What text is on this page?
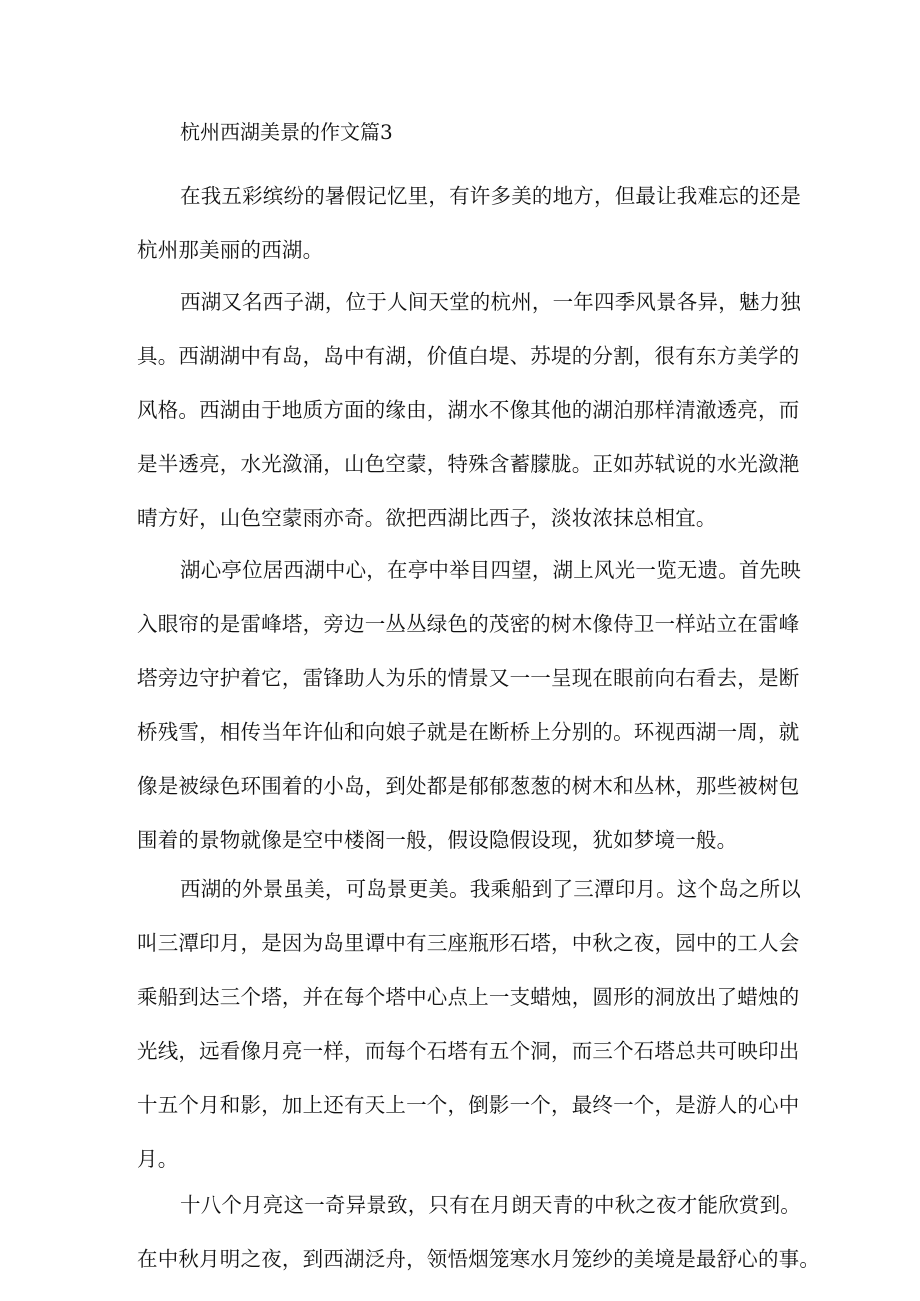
杭州西湖美景的作文篇3
在我五彩缤纷的暑假记忆里，有许多美的地方，但最让我难忘的还是
杭州那美丽的西湖。
西湖又名西子湖，位于人间天堂的杭州，一年四季风景各异，魅力独
具。西湖湖中有岛，岛中有湖，价值白堤、苏堤的分割，很有东方美学的
风格。西湖由于地质方面的缘由，湖水不像其他的湖泊那样清澈透亮，而
是半透亮，水光潋涌，山色空蒙，特殊含蓄朦胧。正如苏轼说的水光潋滟
晴方好，山色空蒙雨亦奇。欲把西湖比西子，淡妆浓抹总相宜。
湖心亭位居西湖中心，在亭中举目四望，湖上风光一览无遗。首先映
入眼帘的是雷峰塔，旁边一丛丛绿色的茂密的树木像侍卫一样站立在雷峰
塔旁边守护着它，雷锋助人为乐的情景又一一呈现在眼前向右看去，是断
桥残雪，相传当年许仙和向娘子就是在断桥上分别的。环视西湖一周，就
像是被绿色环围着的小岛，到处都是郁郁葱葱的树木和丛林，那些被树包
围着的景物就像是空中楼阁一般，假设隐假设现，犹如梦境一般。
西湖的外景虽美，可岛景更美。我乘船到了三潭印月。这个岛之所以
叫三潭印月，是因为岛里谭中有三座瓶形石塔，中秋之夜，园中的工人会
乘船到达三个塔，并在每个塔中心点上一支蜡烛，圆形的洞放出了蜡烛的
光线，远看像月亮一样，而每个石塔有五个洞，而三个石塔总共可映印出
十五个月和影，加上还有天上一个，倒影一个，最终一个，是游人的心中
月。
十八个月亮这一奇异景致，只有在月朗天青的中秋之夜才能欣赏到。
在中秋月明之夜，到西湖泛舟，领悟烟笼寒水月笼纱的美境是最舒心的事。
